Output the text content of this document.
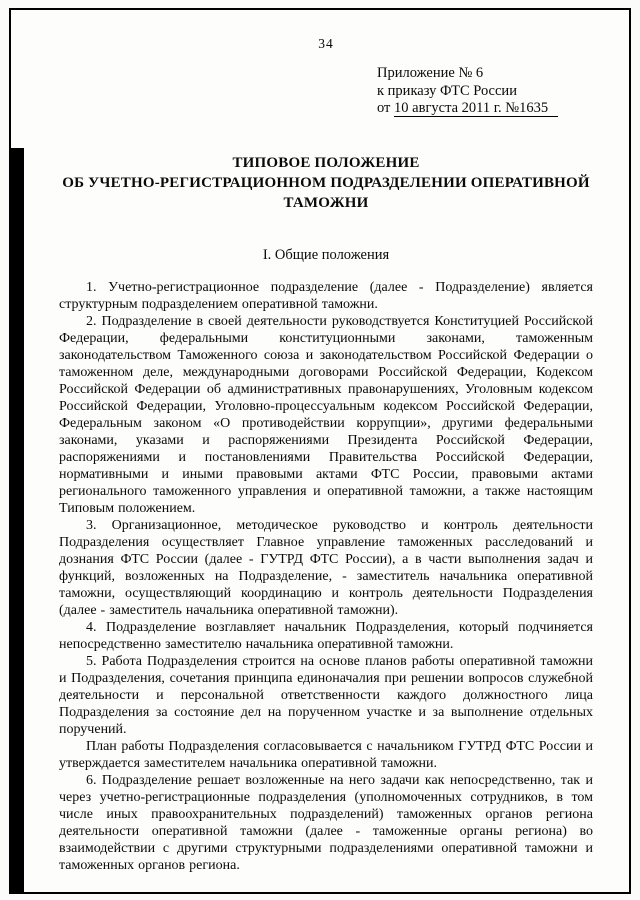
34
Приложение № 6
к приказу ФТС России
от 10 августа 2011 г. №1635
ТИПОВОЕ ПОЛОЖЕНИЕ
ОБ УЧЕТНО-РЕГИСТРАЦИОННОМ ПОДРАЗДЕЛЕНИИ ОПЕРАТИВНОЙ
ТАМОЖНИ
I. Общие положения

1. Учетно-регистрационное подразделение (далее - Подразделение) является структурным подразделением оперативной таможни.

2. Подразделение в своей деятельности руководствуется Конституцией Российской Федерации, федеральными конституционными законами, таможенным законодательством Таможенного союза и законодательством Российской Федерации о таможенном деле, международными договорами Российской Федерации, Кодексом Российской Федерации об административных правонарушениях, Уголовным кодексом Российской Федерации, Уголовно-процессуальным кодексом Российской Федерации, Федеральным законом «О противодействии коррупции», другими федеральными законами, указами и распоряжениями Президента Российской Федерации, распоряжениями и постановлениями Правительства Российской Федерации, нормативными и иными правовыми актами ФТС России, правовыми актами регионального таможенного управления и оперативной таможни, а также настоящим Типовым положением.

3. Организационное, методическое руководство и контроль деятельности Подразделения осуществляет Главное управление таможенных расследований и дознания ФТС России (далее - ГУТРД ФТС России), а в части выполнения задач и функций, возложенных на Подразделение, - заместитель начальника оперативной таможни, осуществляющий координацию и контроль деятельности Подразделения (далее - заместитель начальника оперативной таможни).

4. Подразделение возглавляет начальник Подразделения, который подчиняется непосредственно заместителю начальника оперативной таможни.

5. Работа Подразделения строится на основе планов работы оперативной таможни и Подразделения, сочетания принципа единоначалия при решении вопросов служебной деятельности и персональной ответственности каждого должностного лица Подразделения за состояние дел на порученном участке и за выполнение отдельных поручений.

План работы Подразделения согласовывается с начальником ГУТРД ФТС России и утверждается заместителем начальника оперативной таможни.

6. Подразделение решает возложенные на него задачи как непосредственно, так и через учетно-регистрационные подразделения (уполномоченных сотрудников, в том числе иных правоохранительных подразделений) таможенных органов региона деятельности оперативной таможни (далее - таможенные органы региона) во взаимодействии с другими структурными подразделениями оперативной таможни и таможенных органов региона.
